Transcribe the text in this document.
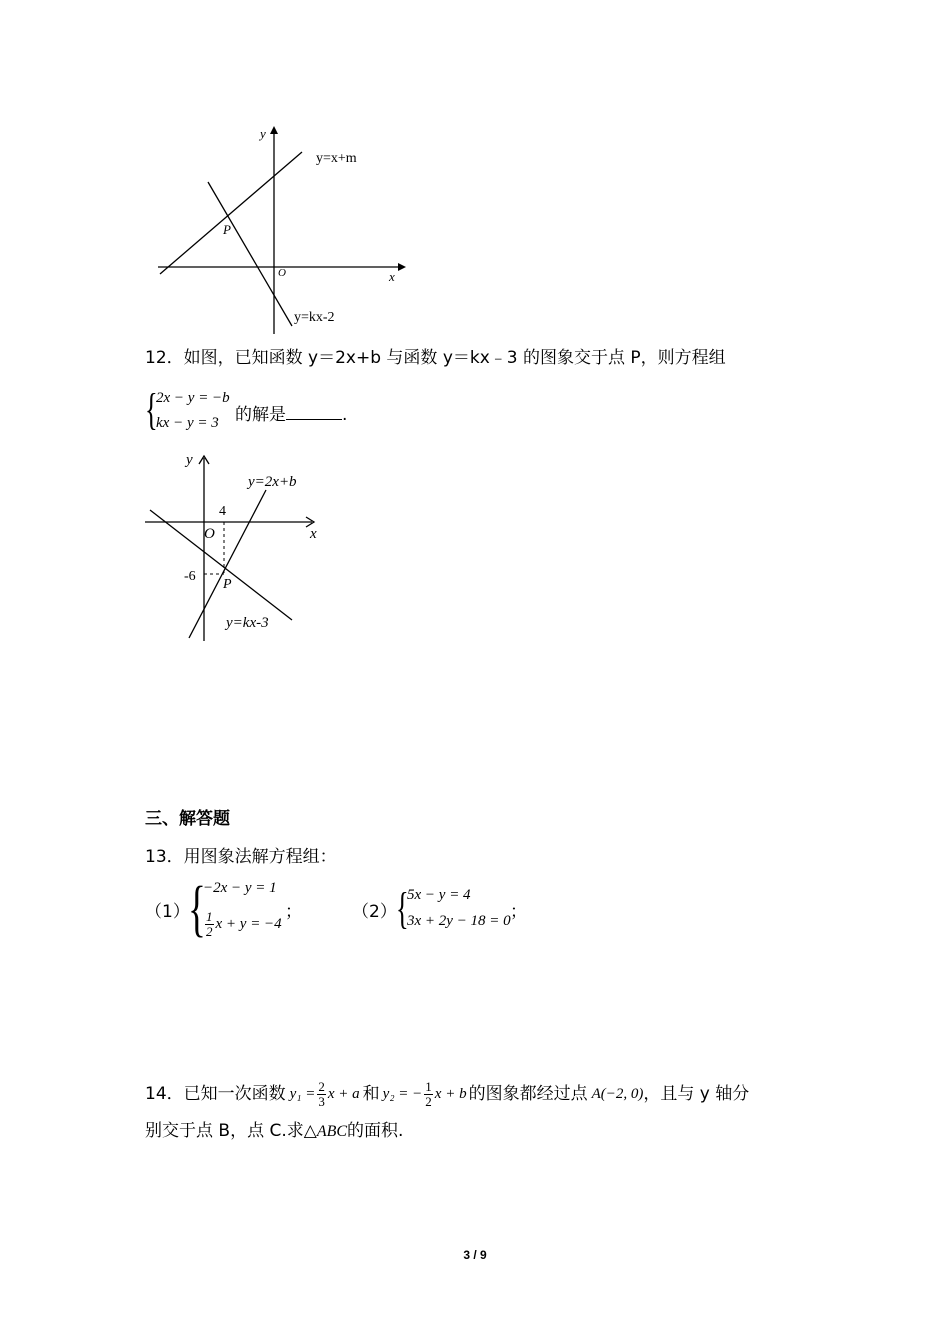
y
x
O
P
y=x+m
y=kx-2
12．如图，已知函数 y＝2x+b 与函数 y＝kx﹣3 的图象交于点 P，则方程组
{
2x − y = −b
kx − y = 3 的解是	.
y
x
O
4
-6
P
y=2x+b
y=kx-3
三、解答题
13．用图象法解方程组：
（1）
{
−2x − y = 1
$\frac{1}{2}$ x + y = −4
；	（2） {
5x − y = 4
3x + 2y − 18 = 0 ；
14．已知一次函数 $y_1 = \frac{2}{3}$ x + a 和 y₂ = − $\frac{1}{2}$ x + b 的图象都经过点 A(−2, 0) ，且与 y 轴分
别交于点 B，点 C.求△ABC的面积.
3 / 9
